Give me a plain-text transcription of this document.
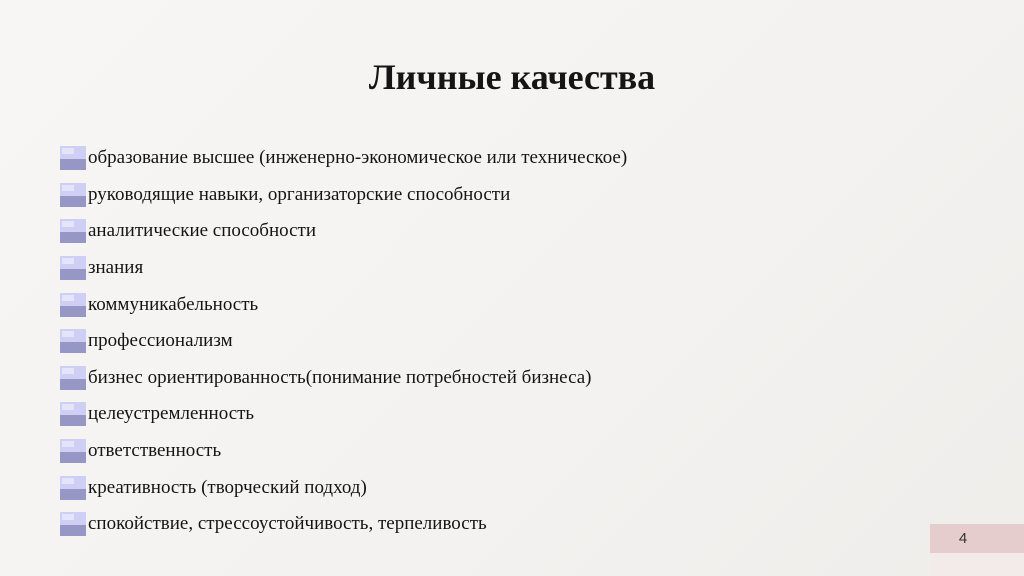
Личные качества
образование высшее (инженерно-экономическое или техническое)
руководящие навыки, организаторские способности
аналитические способности
знания
коммуникабельность
профессионализм
бизнес ориентированность(понимание потребностей бизнеса)
целеустремленность
ответственность
креативность (творческий подход)
спокойствие, стрессоустойчивость, терпеливость
4
